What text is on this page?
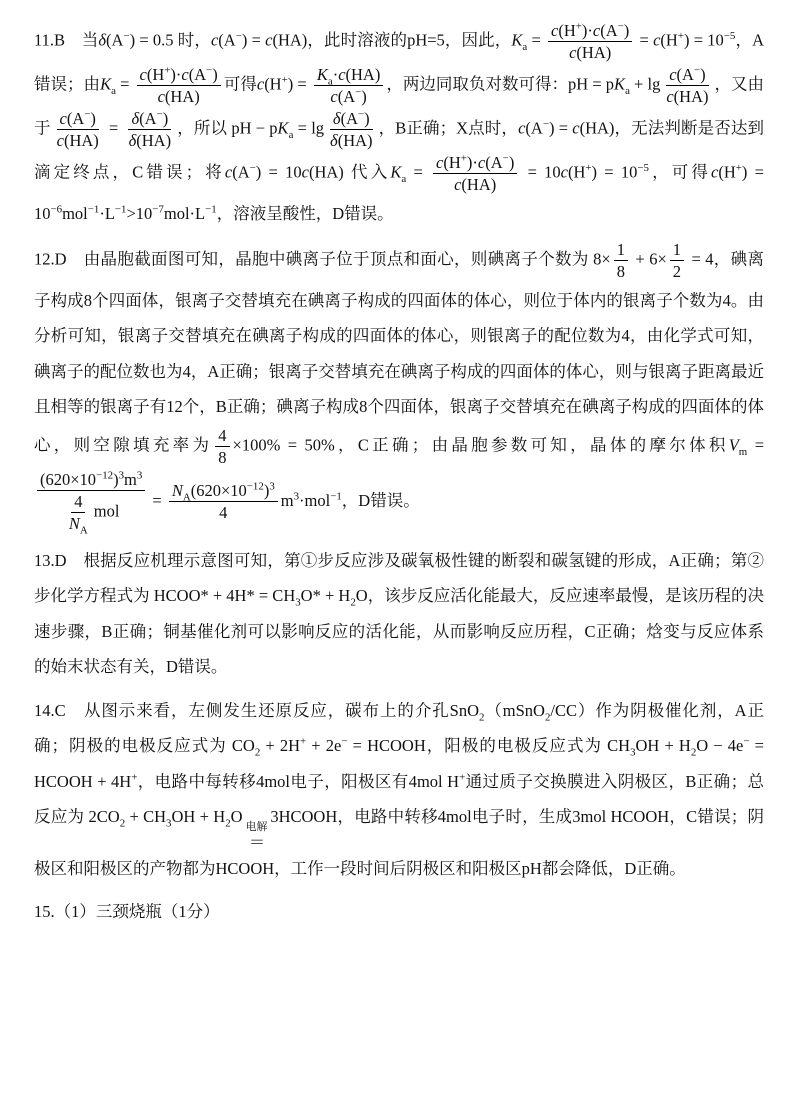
11.B　当δ(A−) = 0.5 时，c(A−) = c(HA)，此时溶液的pH=5，因此，$K_a = \frac{c(H^+)\cdot c(A^-)}{c(HA)} = c(H^+) = 10^{-5}$，A错误；由$K_a = \frac{c(H^+)\cdot c(A^-)}{c(HA)}$ 可得$c(H^+) = \frac{K_a\cdot c(HA)}{c(A^-)}$ ，两边同取负对数可得：pH = $pK_a + \lg \frac{c(A^-)}{c(HA)}$ ，又由于 $\frac{c(A^-)}{c(HA)} = \frac{\delta(A^-)}{\delta(HA)}$ ，所以 pH − $pK_a = \lg \frac{\delta(A^-)}{\delta(HA)}$ ，B正确；X点时，c(A−) = c(HA)，无法判断是否达到滴定终点，C错误；将c(A−) = 10c(HA) 代入$K_a = \frac{c(H^+)\cdot c(A^-)}{c(HA)} = 10c(H^+) = 10^{-5}$，可得$c(H^+) = 10^{-6}mol^{-1}\cdot L^{-1}>10^{-7}mol\cdot L^{-1}$，溶液呈酸性，D错误。
12.D　由晶胞截面图可知，晶胞中碘离子位于顶点和面心，则碘离子个数为 $8\times \frac{1}{8} + 6\times \frac{1}{2} = 4$，碘离子构成8个四面体，银离子交替填充在碘离子构成的四面体的体心，则位于体内的银离子个数为4。由分析可知，银离子交替填充在碘离子构成的四面体的体心，则银离子的配位数为4，由化学式可知，碘离子的配位数也为4，A正确；银离子交替填充在碘离子构成的四面体的体心，则与银离子距离最近且相等的银离子有12个，B正确；碘离子构成8个四面体，银离子交替填充在碘离子构成的四面体的体心，则空隙填充率为 $\frac{4}{8} \times 100\% = 50\%$，C正确；由晶胞参数可知，晶体的摩尔体积$V_m$ =
$\frac{(620\times 10^{-12})^3m^3}{\frac{4}{N_A} mol} = \frac{N_A(620\times 10^{-12})^3}{4} m^3\cdot mol^{-1}$，D错误。
13.D　根据反应机理示意图可知，第①步反应涉及碳氧极性键的断裂和碳氢键的形成，A正确；第②步化学方程式为 HCOO* + $4H* = CH_3O* + H_2O$，该步反应活化能最大，反应速率最慢，是该历程的决速步骤，B正确；铜基催化剂可以影响反应的活化能，从而影响反应历程，C正确；焓变与反应体系的始末状态有关，D错误。
14.C　从图示来看，左侧发生还原反应，碳布上的介孔SnO$_2$（mSnO$_2$/CC）作为阴极催化剂，A正确；阴极的电极反应式为 $CO_2 + 2H^+ + 2e^-$ = HCOOH，阳极的电极反应式为 $CH_3OH + H_2O - 4e^-$ = HCOOH + 4H+，电路中每转移4mol电子，阳极区有4mol H+通过质子交换膜进入阴极区，B正确；总反应为 $2CO_2 + CH_3OH + H_2O$
电解
＝
3HCOOH，电路中转移4mol电子时，生成3mol HCOOH，C错误；阴极区和阳极区的产物都为HCOOH，工作一段时间后阴极区和阳极区pH都会降低，D正确。
15.（1）三颈烧瓶（1分）
